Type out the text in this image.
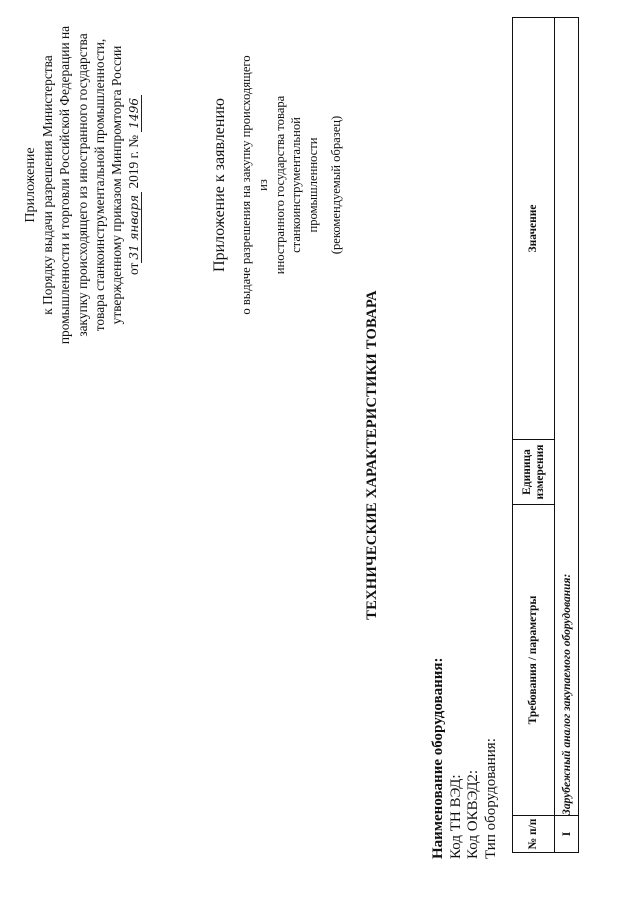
Приложение к Порядку выдачи разрешения Министерства промышленности и торговли Российской Федерации на закупку происходящего из иностранного государства товара станкоинструментальной промышленности, утвержденному приказом Минпромторга России от31 января 2019 г. № 1496	Приложение к заявлению о выдаче разрешения на закупку происходящего из иностранного государства товара станкоинструментальной промышленности (рекомендуемый образец)
ТЕХНИЧЕСКИЕ ХАРАКТЕРИСТИКИ ТОВАРА
Наименование оборудования: Код ТН ВЭД: Код ОКВЭД2: Тип оборудования: № п/п	Требования / параметры	Единица измерения	Значение
I	Зарубежный аналог закупаемого оборудования:		
